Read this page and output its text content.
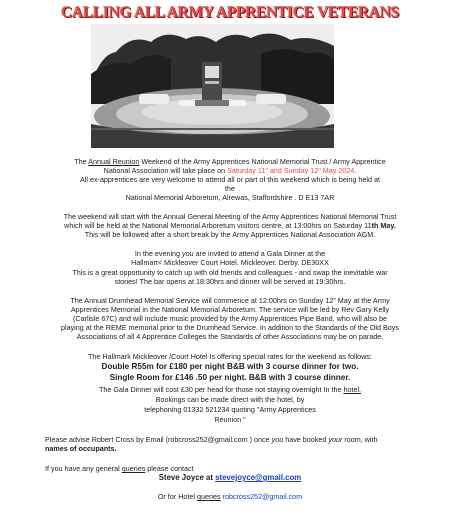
CALLING ALL ARMY APPRENTICE VETERANS
The Annual Reunion Weekend of the Army Apprentices National Memorial Trust / Army Apprentice
National Association will take place on Saturday 11" and Sunday 12" May 2024.
All ex-apprentices are very welcome to attend all or part of this weekend which is being held at
the
National Memorial Arboretum, Alrewas, Staffordshire . D E13 7AR
The weekend will start with the Annual General Meeting of the Army Apprentices National Memorial Trust
which will be held at the National Memorial Arboretum visitors centre, at 13:00hrs on Saturday 11th May.
This will be followed after a short break by the Army Apprentices National Association AGM.
In the evening you are invited to attend a Gala Dinner at the
Hallmart< Mickleover Court Hotel. Mickleover. Derby. DE30XX
This is a great opportunity to catch up with old friends and colleagues - and swap the inevitable war
stories! The bar opens at 18:30hrs and dinner will be served at 19:30hrs.
The Annual Drumhead Memorial Service will commence at 12:00hrs on Sunday 12" May at the Army
Apprentices Memorial in the National Memorial Arboretum. The service will be led by Rev Gary Kelly
(Carlisle 67C) and will include music provided by the Army Apprentices Pipe Band, who will also be
playing at the REME memorial prior to the Drumhead Service. In addition to the Standards of the Old Boys
Associations of all 4 Apprentice Colleges the Standards of other Associations may be on parade.
The Hallmark Mickleover /Court Hotel Is offering special rates for the weekend as follows:
Double R55m for £180 per night B&B with 3 course dinner for two.
Single Room for £146 .50 per night. B&B with 3 course dinner.
The Gala Dinner will cost £30 per head for those not staying overnight In the hotel.
Bookings can be made direct with the hotel, by
telephoning 01332 521234 quoting "Army Apprentices
Reunion "
Please advise Robert Cross by Email (robcross252@gmail.com ) once you have booked your room, with
names of occupants.
If you have any general queries please contact
Steve Joyce at stevejoyce@gmail.com
Or for Hotel queries robcross252@gmail.com
